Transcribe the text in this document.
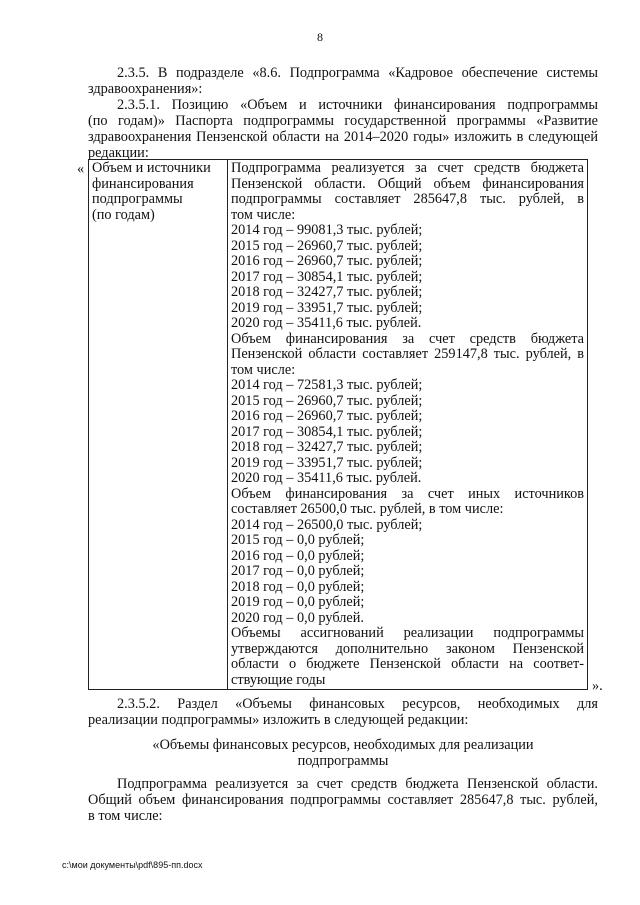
8
2.3.5. В подразделе «8.6. Подпрограмма «Кадровое обеспечение системы
здравоохранения»:
2.3.5.1. Позицию «Объем и источники финансирования подпрограммы
(по годам)» Паспорта подпрограммы государственной программы «Развитие
здравоохранения Пензенской области на 2014–2020 годы» изложить в следующей
редакции:
« Объем и источники
финансирования
подпрограммы
(по годам)

Подпрограмма реализуется за счет средств бюджета
Пензенской области. Общий объем финансирования
подпрограммы составляет 285647,8 тыс. рублей, в
том числе:
2014 год – 99081,3 тыс. рублей;
2015 год – 26960,7 тыс. рублей;
2016 год – 26960,7 тыс. рублей;
2017 год – 30854,1 тыс. рублей;
2018 год – 32427,7 тыс. рублей;
2019 год – 33951,7 тыс. рублей;
2020 год – 35411,6 тыс. рублей.
Объем финансирования за счет средств бюджета
Пензенской области составляет 259147,8 тыс. рублей, в
том числе:
2014 год – 72581,3 тыс. рублей;
2015 год – 26960,7 тыс. рублей;
2016 год – 26960,7 тыс. рублей;
2017 год – 30854,1 тыс. рублей;
2018 год – 32427,7 тыс. рублей;
2019 год – 33951,7 тыс. рублей;
2020 год – 35411,6 тыс. рублей.
Объем финансирования за счет иных источников
составляет 26500,0 тыс. рублей, в том числе:
2014 год – 26500,0 тыс. рублей;
2015 год – 0,0 рублей;
2016 год – 0,0 рублей;
2017 год – 0,0 рублей;
2018 год – 0,0 рублей;
2019 год – 0,0 рублей;
2020 год – 0,0 рублей.
Объемы ассигнований реализации подпрограммы
утверждаются дополнительно законом Пензенской
области о бюджете Пензенской области на соответ-
ствующие годы	».
2.3.5.2. Раздел «Объемы финансовых ресурсов, необходимых для
реализации подпрограммы» изложить в следующей редакции:
«Объемы финансовых ресурсов, необходимых для реализации
подпрограммы
Подпрограмма реализуется за счет средств бюджета Пензенской области.
Общий объем финансирования подпрограммы составляет 285647,8 тыс. рублей,
в том числе:
c:\мои документы\pdf\895-пп.docx
